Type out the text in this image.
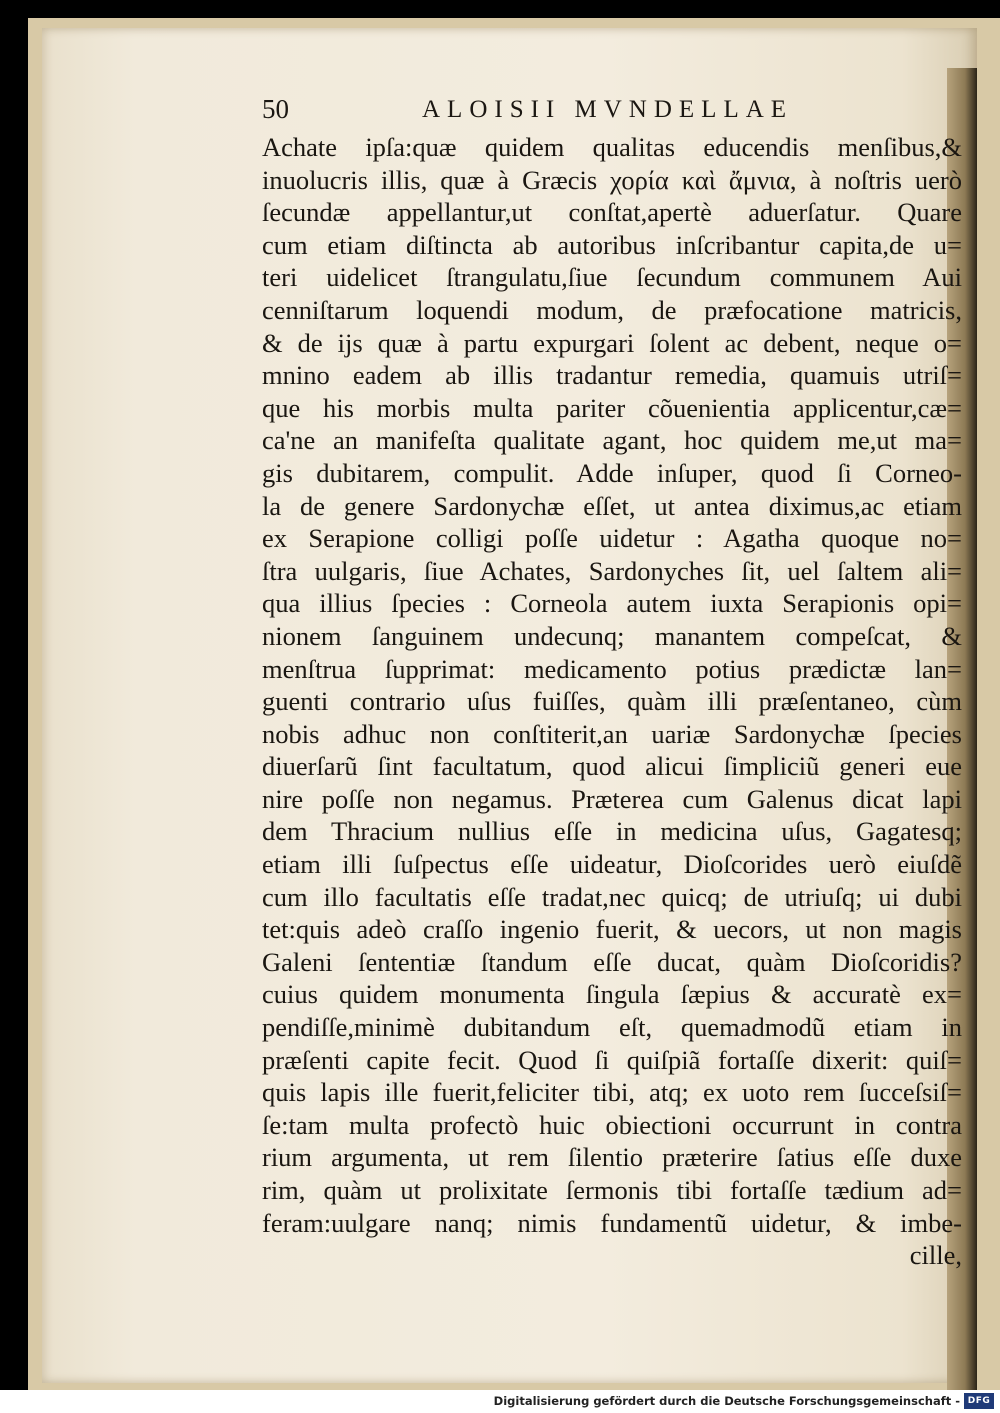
50	ALOISII MVNDELLAE
Achate ipſa:quæ quidem qualitas educendis menſibus,&
inuolucris illis, quæ à Græcis χορία καὶ ἄμνια, à noſtris uerò
ſecundæ appellantur,ut conſtat,apertè aduerſatur. Quare
cum etiam diſtincta ab autoribus inſcribantur capita,de u=
teri uidelicet ſtrangulatu,ſiue ſecundum communem Aui
cenniſtarum loquendi modum, de præfocatione matricis,
& de ijs quæ à partu expurgari ſolent ac debent, neque o=
mnino eadem ab illis tradantur remedia, quamuis utriſ=
que his morbis multa pariter cõuenientia applicentur,cæ=
ca'ne an manifeſta qualitate agant, hoc quidem me,ut ma=
gis dubitarem, compulit. Adde inſuper, quod ſi Corneo-
la de genere Sardonychæ eſſet, ut antea diximus,ac etiam
ex Serapione colligi poſſe uidetur : Agatha quoque no=
ſtra uulgaris, ſiue Achates, Sardonyches ſit, uel ſaltem ali=
qua illius ſpecies : Corneola autem iuxta Serapionis opi=
nionem ſanguinem undecunq; manantem compeſcat, &
menſtrua ſupprimat: medicamento potius prædictæ lan=
guenti contrario uſus fuiſſes, quàm illi præſentaneo, cùm
nobis adhuc non conſtiterit,an uariæ Sardonychæ ſpecies
diuerſarũ ſint facultatum, quod alicui ſimpliciũ generi eue
nire poſſe non negamus. Præterea cum Galenus dicat lapi
dem Thracium nullius eſſe in medicina uſus, Gagatesq;
etiam illi ſuſpectus eſſe uideatur, Dioſcorides uerò eiuſdẽ
cum illo facultatis eſſe tradat,nec quicq; de utriuſq; ui dubi
tet:quis adeò craſſo ingenio fuerit, & uecors, ut non magis
Galeni ſententiæ ſtandum eſſe ducat, quàm Dioſcoridis?
cuius quidem monumenta ſingula ſæpius & accuratè ex=
pendiſſe,minimè dubitandum eſt, quemadmodũ etiam in
præſenti capite fecit. Quod ſi quiſpiã fortaſſe dixerit: quiſ=
quis lapis ille fuerit,feliciter tibi, atq; ex uoto rem ſucceſsiſ=
ſe:tam multa profectò huic obiectioni occurrunt in contra
rium argumenta, ut rem ſilentio præterire ſatius eſſe duxe
rim, quàm ut prolixitate ſermonis tibi fortaſſe tædium ad=
feram:uulgare nanq; nimis fundamentũ uidetur, & imbe-
cille,
Digitalisierung gefördert durch die Deutsche Forschungsgemeinschaft - DFG
